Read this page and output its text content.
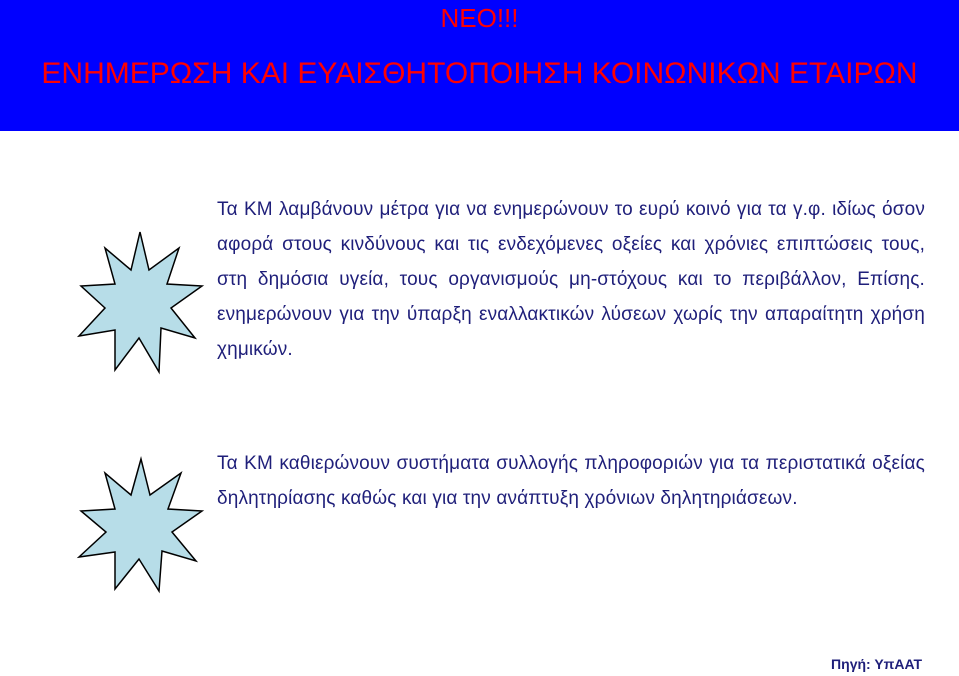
ΝΕΟ!!!
ΕΝΗΜΕΡΩΣΗ ΚΑΙ ΕΥΑΙΣΘΗΤΟΠΟΙΗΣΗ ΚΟΙΝΩΝΙΚΩΝ ΕΤΑΙΡΩΝ
Τα ΚΜ λαμβάνουν μέτρα για να ενημερώνουν το ευρύ κοινό για τα γ.φ. ιδίως όσον αφορά στους κινδύνους και τις ενδεχόμενες οξείες και χρόνιες επιπτώσεις τους, στη δημόσια υγεία, τους οργανισμούς μη-στόχους και το περιβάλλον, Επίσης. ενημερώνουν για την ύπαρξη εναλλακτικών λύσεων χωρίς την απαραίτητη χρήση χημικών.
Τα ΚΜ καθιερώνουν συστήματα συλλογής πληροφοριών για τα περιστατικά οξείας δηλητηρίασης καθώς και για την ανάπτυξη χρόνιων δηλητηριάσεων.
Πηγή: ΥπΑΑΤ
